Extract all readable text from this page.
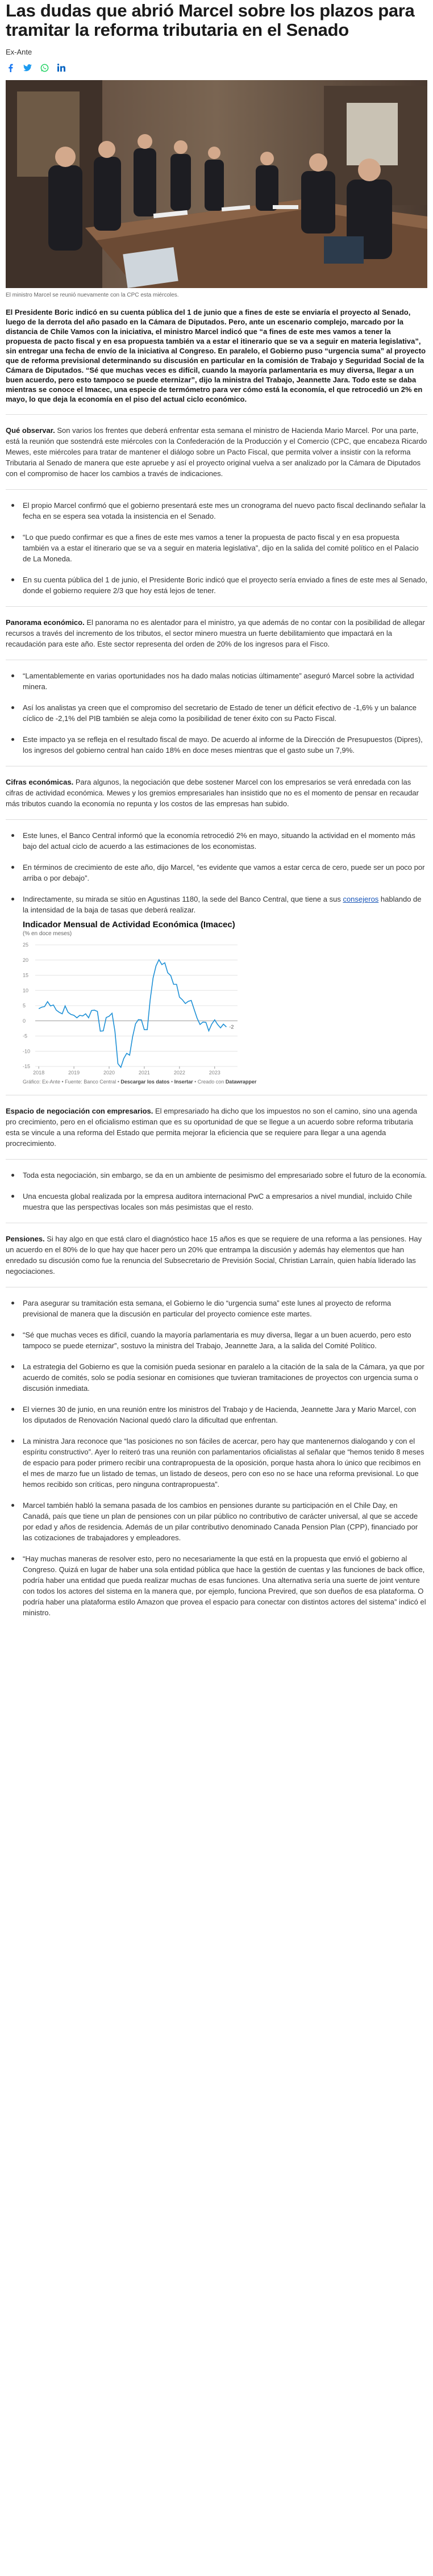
Las dudas que abrió Marcel sobre los plazos para tramitar la reforma tributaria en el Senado
Ex-Ante
El ministro Marcel se reunió nuevamente con la CPC esta miércoles.

El Presidente Boric indicó en su cuenta pública del 1 de junio que a fines de este se enviaría el proyecto al Senado, luego de la derrota del año pasado en la Cámara de Diputados. Pero, ante un escenario complejo, marcado por la distancia de Chile Vamos con la iniciativa, el ministro Marcel indicó que “a fines de este mes vamos a tener la propuesta de pacto fiscal y en esa propuesta también va a estar el itinerario que se va a seguir en materia legislativa”, sin entregar una fecha de envío de la iniciativa al Congreso. En paralelo, el Gobierno puso “urgencia suma” al proyecto que de reforma previsional determinando su discusión en particular en la comisión de Trabajo y Seguridad Social de la Cámara de Diputados. “Sé que muchas veces es difícil, cuando la mayoría parlamentaria es muy diversa, llegar a un buen acuerdo, pero esto tampoco se puede eternizar”, dijo la ministra del Trabajo, Jeannette Jara. Todo este se daba mientras se conoce el Imacec, una especie de termómetro para ver cómo está la economía, el que retrocedió un 2% en mayo, lo que deja la economía en el piso del actual ciclo económico.

Qué observar. Son varios los frentes que deberá enfrentar esta semana el ministro de Hacienda Mario Marcel. Por una parte, está la reunión que sostendrá este miércoles con la Confederación de la Producción y el Comercio (CPC, que encabeza Ricardo Mewes, este miércoles para tratar de mantener el diálogo sobre un Pacto Fiscal, que permita volver a insistir con la reforma Tributaria al Senado de manera que este apruebe y así el proyecto original vuelva a ser analizado por la Cámara de Diputados con el compromiso de hacer los cambios a través de indicaciones.

El propio Marcel confirmó que el gobierno presentará este mes un cronograma del nuevo pacto fiscal declinando señalar la fecha en se espera sea votada la insistencia en el Senado.
“Lo que puedo confirmar es que a fines de este mes vamos a tener la propuesta de pacto fiscal y en esa propuesta también va a estar el itinerario que se va a seguir en materia legislativa”, dijo en la salida del comité político en el Palacio de La Moneda.
En su cuenta pública del 1 de junio, el Presidente Boric indicó que el proyecto sería enviado a fines de este mes al Senado, donde el gobierno requiere 2/3 que hoy está lejos de tener.

Panorama económico. El panorama no es alentador para el ministro, ya que además de no contar con la posibilidad de allegar recursos a través del incremento de los tributos, el sector minero muestra un fuerte debilitamiento que impactará en la recaudación para este año. Este sector representa del orden de 20% de los ingresos para el Fisco.

“Lamentablemente en varias oportunidades nos ha dado malas noticias últimamente” aseguró Marcel sobre la actividad minera.
Así los analistas ya creen que el compromiso del secretario de Estado de tener un déficit efectivo de -1,6% y un balance cíclico de -2,1% del PIB también se aleja como la posibilidad de tener éxito con su Pacto Fiscal.
Este impacto ya se refleja en el resultado fiscal de mayo. De acuerdo al informe de la Dirección de Presupuestos (Dipres), los ingresos del gobierno central han caído 18% en doce meses mientras que el gasto sube un 7,9%.

Cifras económicas. Para algunos, la negociación que debe sostener Marcel con los empresarios se verá enredada con las cifras de actividad económica. Mewes y los gremios empresariales han insistido que no es el momento de pensar en recaudar más tributos cuando la economía no repunta y los costos de las empresas han subido.

Este lunes, el Banco Central informó que la economía retrocedió 2% en mayo, situando la actividad en el momento más bajo del actual ciclo de acuerdo a las estimaciones de los economistas.
En términos de crecimiento de este año, dijo Marcel, “es evidente que vamos a estar cerca de cero, puede ser un poco por arriba o por debajo”.
Indirectamente, su mirada se sitúo en Agustinas 1180, la sede del Banco Central, que tiene a sus consejeros hablando de la intensidad de la baja de tasas que deberá realizar.
Indicador Mensual de Actividad Económica (Imacec)
(% en doce meses)
25
20
15
10
5
0
-5
-10
-15
2018	2019	2020	2021	2022	2023
-2
Gráfico: Ex-Ante • Fuente: Banco Central • Descargar los datos • Insertar • Creado con Datawrapper

Espacio de negociación con empresarios. El empresariado ha dicho que los impuestos no son el camino, sino una agenda pro crecimiento, pero en el oficialismo estiman que es su oportunidad de que se llegue a un acuerdo sobre reforma tributaria esta se vincule a una reforma del Estado que permita mejorar la eficiencia que se requiere para llegar a una agenda procrecimiento.

Toda esta negociación, sin embargo, se da en un ambiente de pesimismo del empresariado sobre el futuro de la economía.
Una encuesta global realizada por la empresa auditora internacional PwC a empresarios a nivel mundial, incluido Chile muestra que las perspectivas locales son más pesimistas que el resto.

Pensiones. Si hay algo en que está claro el diagnóstico hace 15 años es que se requiere de una reforma a las pensiones. Hay un acuerdo en el 80% de lo que hay que hacer pero un 20% que entrampa la discusión y además hay elementos que han enredado su discusión como fue la renuncia del Subsecretario de Previsión Social, Christian Larraín, quien había liderado las negociaciones.

Para asegurar su tramitación esta semana, el Gobierno le dio “urgencia suma” este lunes al proyecto de reforma previsional de manera que la discusión en particular del proyecto comience este martes.
“Sé que muchas veces es difícil, cuando la mayoría parlamentaria es muy diversa, llegar a un buen acuerdo, pero esto tampoco se puede eternizar”, sostuvo la ministra del Trabajo, Jeannette Jara, a la salida del Comité Político.
La estrategia del Gobierno es que la comisión pueda sesionar en paralelo a la citación de la sala de la Cámara, ya que por acuerdo de comités, solo se podía sesionar en comisiones que tuvieran tramitaciones de proyectos con urgencia suma o discusión inmediata.
El viernes 30 de junio, en una reunión entre los ministros del Trabajo y de Hacienda, Jeannette Jara y Mario Marcel, con los diputados de Renovación Nacional quedó claro la dificultad que enfrentan.
La ministra Jara reconoce que “las posiciones no son fáciles de acercar, pero hay que mantenernos dialogando y con el espíritu constructivo”. Ayer lo reiteró tras una reunión con parlamentarios oficialistas al señalar que “hemos tenido 8 meses de espacio para poder primero recibir una contrapropuesta de la oposición, porque hasta ahora lo único que recibimos en el mes de marzo fue un listado de temas, un listado de deseos, pero con eso no se hace una reforma previsional. Lo que hemos recibido son críticas, pero ninguna contrapropuesta”.
Marcel también habló la semana pasada de los cambios en pensiones durante su participación en el Chile Day, en Canadá, país que tiene un plan de pensiones con un pilar público no contributivo de carácter universal, al que se accede por edad y años de residencia. Además de un pilar contributivo denominado Canada Pension Plan (CPP), financiado por las cotizaciones de trabajadores y empleadores.
“Hay muchas maneras de resolver esto, pero no necesariamente la que está en la propuesta que envió el gobierno al Congreso. Quizá en lugar de haber una sola entidad pública que hace la gestión de cuentas y las funciones de back office, podría haber una entidad que pueda realizar muchas de esas funciones. Una alternativa sería una suerte de joint venture con todos los actores del sistema en la manera que, por ejemplo, funciona Previred, que son dueños de esa plataforma. O podría haber una plataforma estilo Amazon que provea el espacio para conectar con distintos actores del sistema” indicó el ministro.
